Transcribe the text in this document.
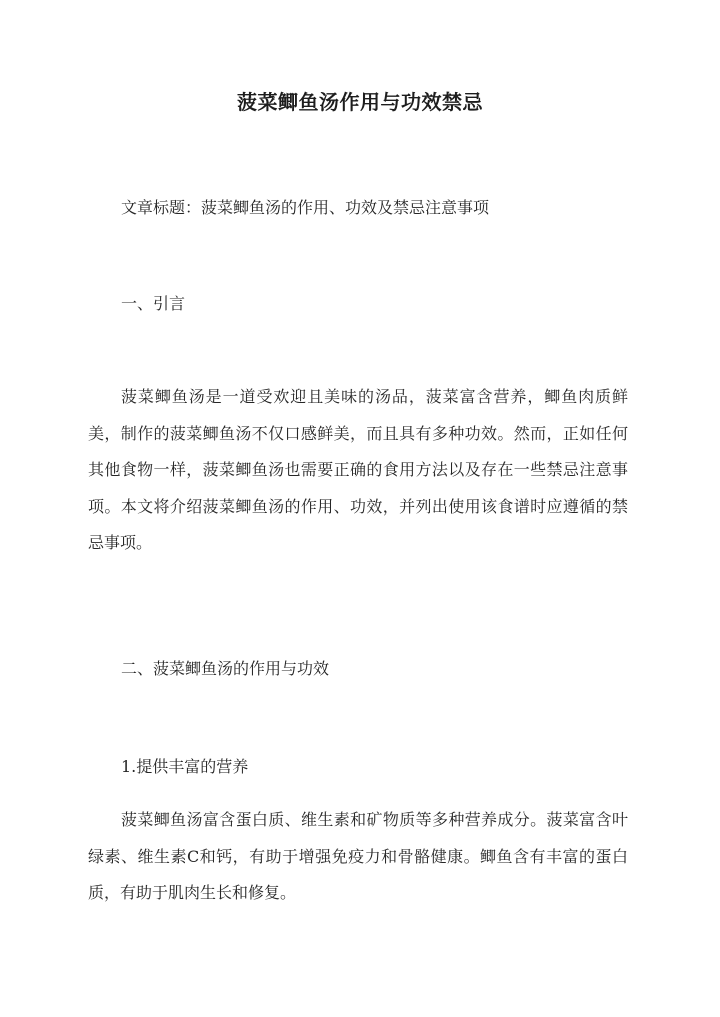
菠菜鲫鱼汤作用与功效禁忌

文章标题：菠菜鲫鱼汤的作用、功效及禁忌注意事项

一、引言

菠菜鲫鱼汤是一道受欢迎且美味的汤品，菠菜富含营养，鲫鱼肉质鲜美，制作的菠菜鲫鱼汤不仅口感鲜美，而且具有多种功效。然而，正如任何其他食物一样，菠菜鲫鱼汤也需要正确的食用方法以及存在一些禁忌注意事项。本文将介绍菠菜鲫鱼汤的作用、功效，并列出使用该食谱时应遵循的禁忌事项。

二、菠菜鲫鱼汤的作用与功效

1.提供丰富的营养

菠菜鲫鱼汤富含蛋白质、维生素和矿物质等多种营养成分。菠菜富含叶绿素、维生素C和钙，有助于增强免疫力和骨骼健康。鲫鱼含有丰富的蛋白质，有助于肌肉生长和修复。
